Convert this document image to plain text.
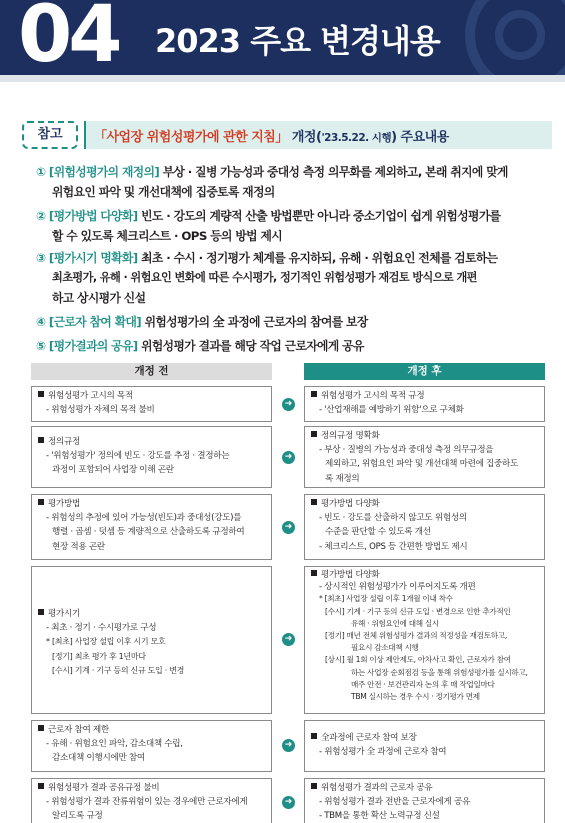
04 2023 주요 변경내용
참고	「사업장 위험성평가에 관한 지침」 개정('23.5.22. 시행) 주요내용
① [위험성평가의 재정의] 부상 · 질병 가능성과 중대성 측정 의무화를 제외하고, 본래 취지에 맞게
위험요인 파악 및 개선대책에 집중토록 재정의
② [평가방법 다양화] 빈도 · 강도의 계량적 산출 방법뿐만 아니라 중소기업이 쉽게 위험성평가를
할 수 있도록 체크리스트 · OPS 등의 방법 제시
③ [평가시기 명확화] 최초 · 수시 · 정기평가 체계를 유지하되, 유해 · 위험요인 전체를 검토하는
최초평가, 유해 · 위험요인 변화에 따른 수시평가, 정기적인 위험성평가 재검토 방식으로 개편
하고 상시평가 신설
④ [근로자 참여 확대] 위험성평가의 全 과정에 근로자의 참여를 보장
⑤ [평가결과의 공유] 위험성평가 결과를 해당 작업 근로자에게 공유
개정 전	개정 후
위험성평가 고시의 목적
- 위험성평가 자체의 목적 불비
➜
위험성평가 고시의 목적 규정
- '산업재해를 예방하기 위함'으로 구체화
정의규정
- '위험성평가' 정의에 빈도 · 강도를 추정 · 결정하는
과정이 포함되어 사업장 이해 곤란
➜
정의규정 명확화
- 부상 · 질병의 가능성과 중대성 측정 의무규정을
제외하고, 위험요인 파악 및 개선대책 마련에 집중하도
록 재정의
평가방법
- 위험성의 추정에 있어 가능성(빈도)과 중대성(강도)를
행렬 · 곱셈 · 덧셈 등 계량적으로 산출하도록 규정하여
현장 적용 곤란
➜
평가방법 다양화
- 빈도 · 강도를 산출하지 않고도 위험성의
수준을 판단할 수 있도록 개선
- 체크리스트, OPS 등 간편한 방법도 제시
평가시기
- 최초 · 정기 · 수시평가로 구성
* [최초] 사업장 설립 이후 시기 모호
[정기] 최초 평가 후 1년마다
[수시] 기계 · 기구 등의 신규 도입 · 변경
➜
평가방법 다양화
- 상시적인 위험성평가가 이루어지도록 개편
* [최초] 사업장 설립 이후 1개월 이내 착수
[수시] 기계 · 기구 등의 신규 도입 · 변경으로 인한 추가적인
유해 · 위험요인에 대해 실시
[정기] 매년 전체 위험성평가 결과의 적정성을 재검토하고,
필요시 감소대책 시행
[상시] 월 1회 이상 제안제도, 아차사고 확인, 근로자가 참여
하는 사업장 순회점검 등을 통해 위험성평가를 실시하고,
매주 안전 · 보건관리자 논의 후 매 작업일마다
TBM 실시하는 경우 수시 · 정기평가 면제
근로자 참여 제한
- 유해 · 위험요인 파악, 감소대책 수립,
감소대책 이행시에만 참여
➜
全과정에 근로자 참여 보장
- 위험성평가 全 과정에 근로자 참여
위험성평가 결과 공유규정 불비
- 위험성평가 결과 잔류위험이 있는 경우에만 근로자에게
알리도록 규정
➜
위험성평가 결과의 근로자 공유
- 위험성평가 결과 전반을 근로자에게 공유
- TBM을 통한 확산 노력규정 신설
